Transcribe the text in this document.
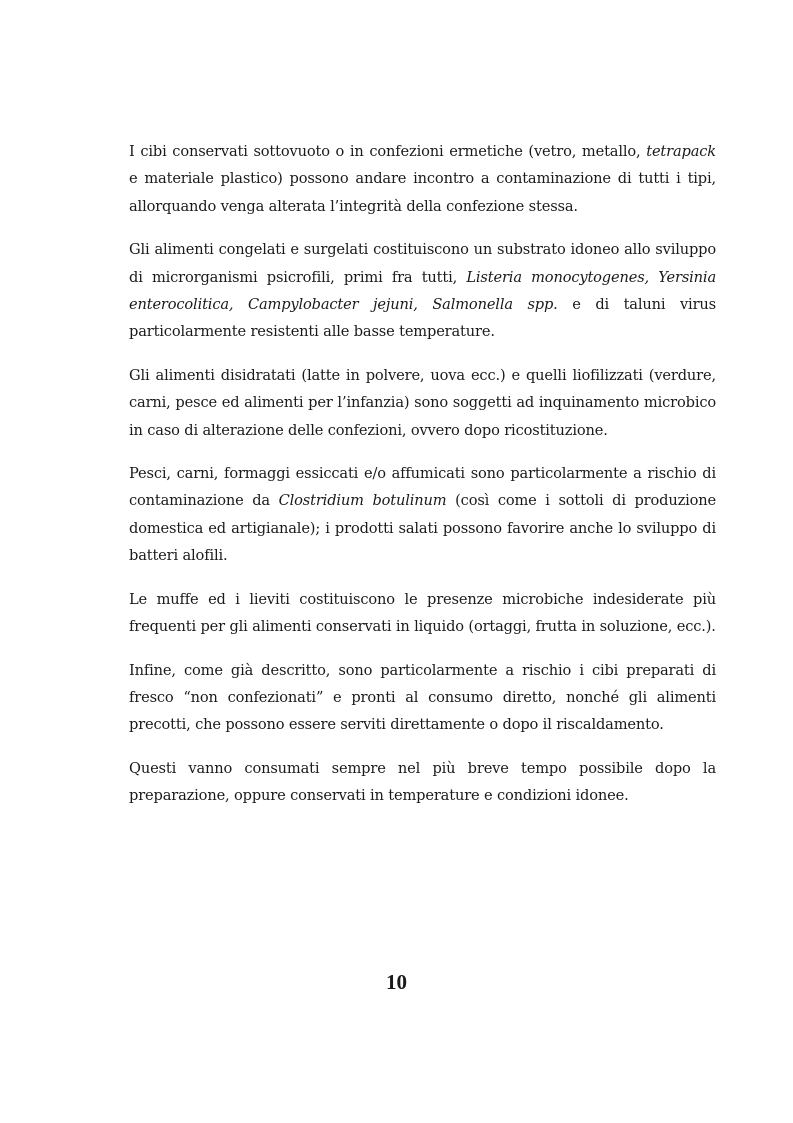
I cibi conservati sottovuoto o in confezioni ermetiche (vetro, metallo, tetrapack e materiale plastico) possono andare incontro a contaminazione di tutti i tipi, allorquando venga alterata l’integrità della confezione stessa.

Gli alimenti congelati e surgelati costituiscono un substrato idoneo allo sviluppo di microrganismi psicrofili, primi fra tutti, Listeria monocytogenes, Yersinia enterocolitica, Campylobacter jejuni, Salmonella spp. e di taluni virus particolarmente resistenti alle basse temperature.

Gli alimenti disidratati (latte in polvere, uova ecc.) e quelli liofilizzati (verdure, carni, pesce ed alimenti per l’infanzia) sono soggetti ad inquinamento microbico in caso di alterazione delle confezioni, ovvero dopo ricostituzione.

Pesci, carni, formaggi essiccati e/o affumicati sono particolarmente a rischio di contaminazione da Clostridium botulinum (così come i sottoli di produzione domestica ed artigianale); i prodotti salati possono favorire anche lo sviluppo di batteri alofili.

Le muffe ed i lieviti costituiscono le presenze microbiche indesiderate più frequenti per gli alimenti conservati in liquido (ortaggi, frutta in soluzione, ecc.).

Infine, come già descritto, sono particolarmente a rischio i cibi preparati di fresco “non confezionati” e pronti al consumo diretto, nonché gli alimenti precotti, che possono essere serviti direttamente o dopo il riscaldamento.

Questi vanno consumati sempre nel più breve tempo possibile dopo la preparazione, oppure conservati in temperature e condizioni idonee.

10
